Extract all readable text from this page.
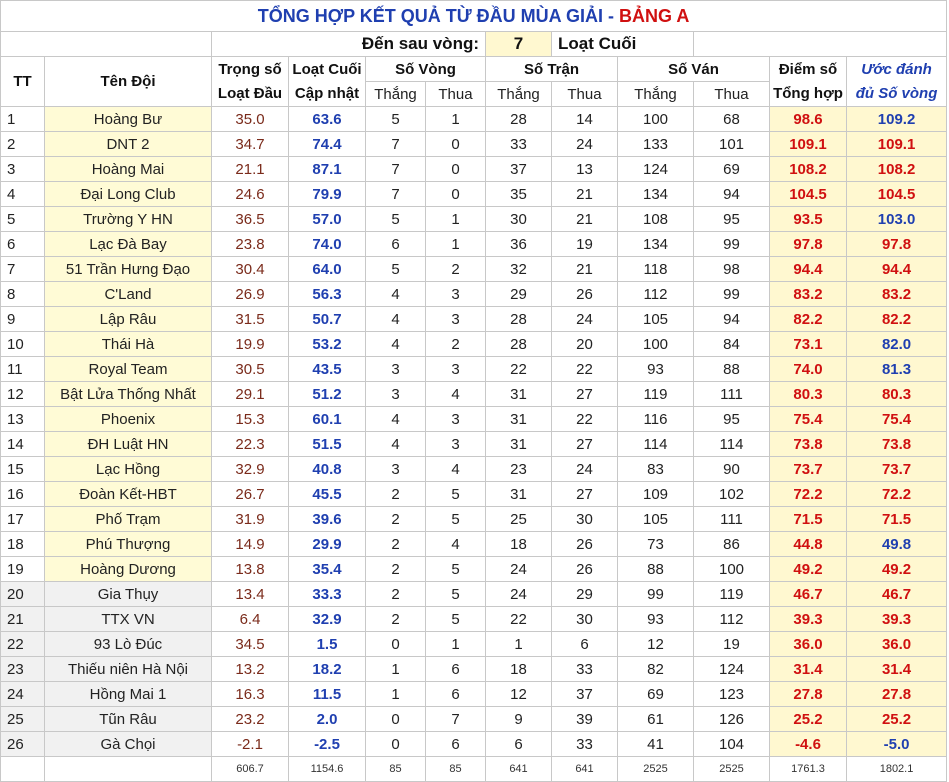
TỔNG HỢP KẾT QUẢ TỪ ĐẦU MÙA GIẢI - BẢNG A											
		Đến sau vòng:				7	Loạt Cuối				
TT	Tên Đội	Trọng số	Loạt Cuối	Số Vòng		Số Trận		Số Ván		Điểm số	Ước đánh
		Loạt Đầu	Cập nhật	Thắng	Thua	Thắng	Thua	Thắng	Thua	Tổng hợp	đủ Số vòng
1	Hoàng Bư	35.0	63.6	5	1	28	14	100	68	98.6	109.2
2	DNT 2	34.7	74.4	7	0	33	24	133	101	109.1	109.1
3	Hoàng Mai	21.1	87.1	7	0	37	13	124	69	108.2	108.2
4	Đại Long Club	24.6	79.9	7	0	35	21	134	94	104.5	104.5
5	Trường Y HN	36.5	57.0	5	1	30	21	108	95	93.5	103.0
6	Lạc Đà Bay	23.8	74.0	6	1	36	19	134	99	97.8	97.8
7	51 Trần Hưng Đạo	30.4	64.0	5	2	32	21	118	98	94.4	94.4
8	C'Land	26.9	56.3	4	3	29	26	112	99	83.2	83.2
9	Lập Râu	31.5	50.7	4	3	28	24	105	94	82.2	82.2
10	Thái Hà	19.9	53.2	4	2	28	20	100	84	73.1	82.0
11	Royal Team	30.5	43.5	3	3	22	22	93	88	74.0	81.3
12	Bật Lửa Thống Nhất	29.1	51.2	3	4	31	27	119	111	80.3	80.3
13	Phoenix	15.3	60.1	4	3	31	22	116	95	75.4	75.4
14	ĐH Luật HN	22.3	51.5	4	3	31	27	114	114	73.8	73.8
15	Lạc Hồng	32.9	40.8	3	4	23	24	83	90	73.7	73.7
16	Đoàn Kết-HBT	26.7	45.5	2	5	31	27	109	102	72.2	72.2
17	Phố Trạm	31.9	39.6	2	5	25	30	105	111	71.5	71.5
18	Phú Thượng	14.9	29.9	2	4	18	26	73	86	44.8	49.8
19	Hoàng Dương	13.8	35.4	2	5	24	26	88	100	49.2	49.2
20	Gia Thụy	13.4	33.3	2	5	24	29	99	119	46.7	46.7
21	TTX VN	6.4	32.9	2	5	22	30	93	112	39.3	39.3
22	93 Lò Đúc	34.5	1.5	0	1	1	6	12	19	36.0	36.0
23	Thiếu niên Hà Nội	13.2	18.2	1	6	18	33	82	124	31.4	31.4
24	Hồng Mai 1	16.3	11.5	1	6	12	37	69	123	27.8	27.8
25	Tũn Râu	23.2	2.0	0	7	9	39	61	126	25.2	25.2
26	Gà Chọi	-2.1	-2.5	0	6	6	33	41	104	-4.6	-5.0
		606.7	1154.6	85	85	641	641	2525	2525	1761.3	1802.1
